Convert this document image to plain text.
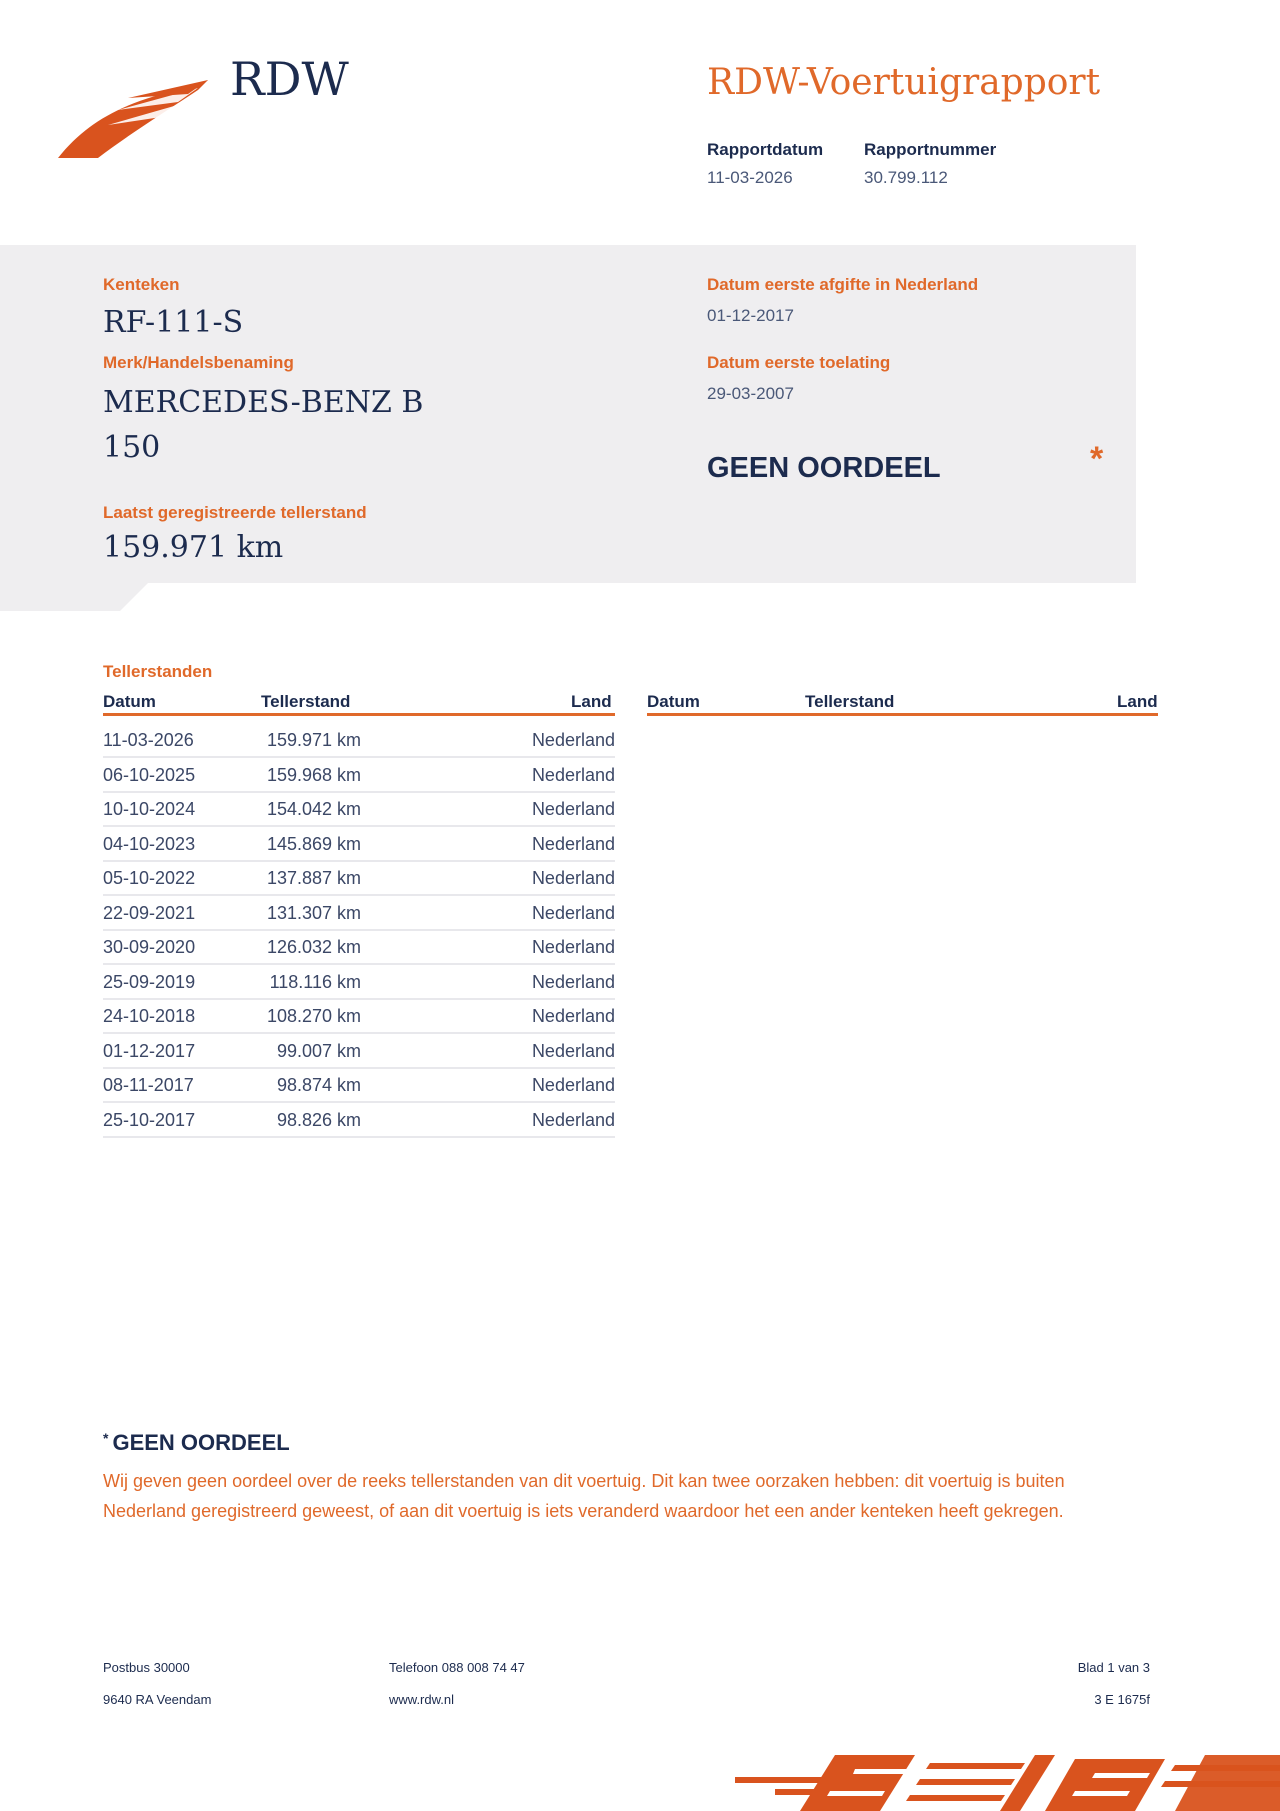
RDW	RDW-Voertuigrapport
Rapportdatum
11-03-2026
Rapportnummer
30.799.112
Kenteken
RF-111-S
Merk/Handelsbenaming
MERCEDES-BENZ B
150
Laatst geregistreerde tellerstand
159.971 km
Datum eerste afgifte in Nederland
01-12-2017
Datum eerste toelating
29-03-2007
GEEN OORDEEL	*
Tellerstanden
Datum	Tellerstand	Land Datum	Tellerstand	Land
11-03-2026	159.971 km	Nederland
06-10-2025	159.968 km	Nederland
10-10-2024	154.042 km	Nederland
04-10-2023	145.869 km	Nederland
05-10-2022	137.887 km	Nederland
22-09-2021	131.307 km	Nederland
30-09-2020	126.032 km	Nederland
25-09-2019	118.116 km	Nederland
24-10-2018	108.270 km	Nederland
01-12-2017	99.007 km	Nederland
08-11-2017	98.874 km	Nederland
25-10-2017	98.826 km	Nederland
* GEEN OORDEEL
Wij geven geen oordeel over de reeks tellerstanden van dit voertuig. Dit kan twee oorzaken hebben: dit voertuig is buiten Nederland geregistreerd geweest, of aan dit voertuig is iets veranderd waardoor het een ander kenteken heeft gekregen.
Postbus 30000
9640 RA Veendam
Telefoon 088 008 74 47
www.rdw.nl
Blad 1 van 3
3 E 1675f
